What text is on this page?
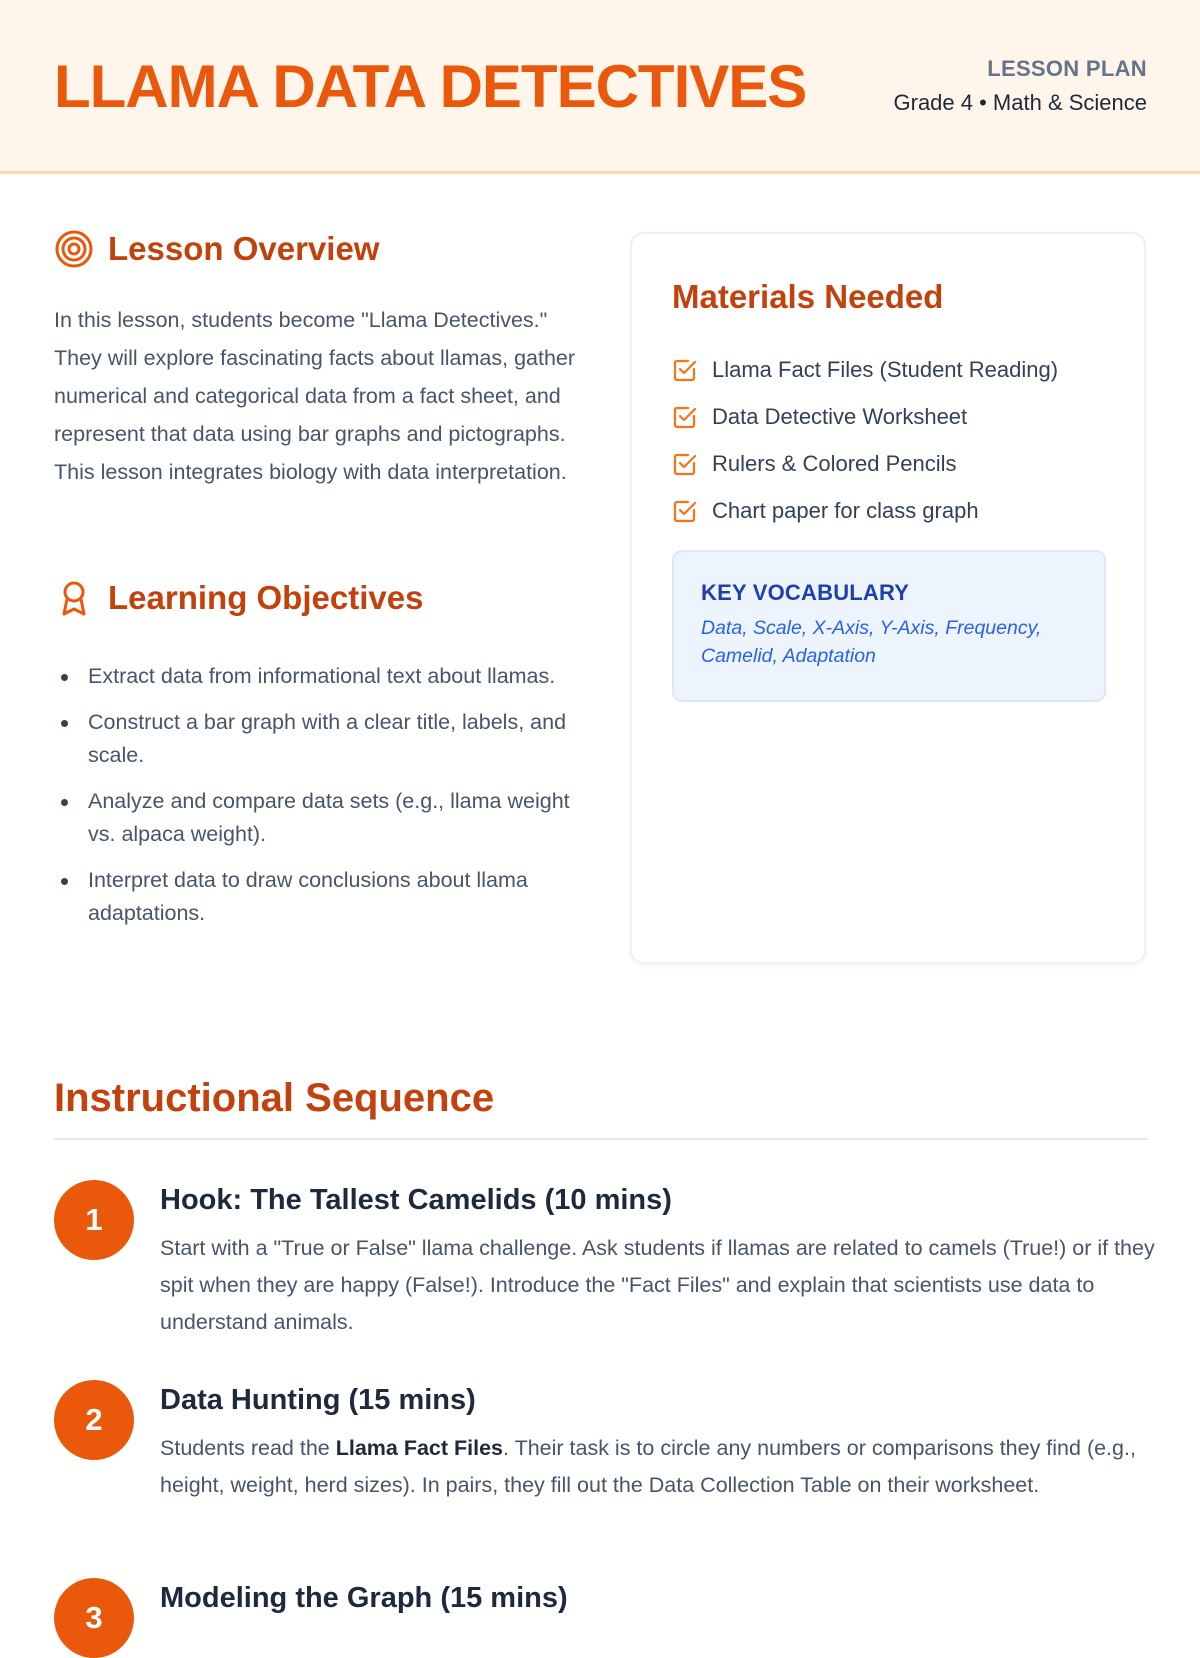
LLAMA DATA DETECTIVES	LESSON PLAN
Grade 4 • Math & Science
Lesson Overview

In this lesson, students become "Llama Detectives." They will explore fascinating facts about llamas, gather numerical and categorical data from a fact sheet, and represent that data using bar graphs and pictographs. This lesson integrates biology with data interpretation.

Learning Objectives
Extract data from informational text about llamas.
Construct a bar graph with a clear title, labels, and scale.
Analyze and compare data sets (e.g., llama weight vs. alpaca weight).
Interpret data to draw conclusions about llama adaptations.
Materials Needed
Llama Fact Files (Student Reading)
Data Detective Worksheet
Rulers & Colored Pencils
Chart paper for class graph
KEY VOCABULARY
Data, Scale, X-Axis, Y-Axis, Frequency, Camelid, Adaptation
Instructional Sequence
1
Hook: The Tallest Camelids (10 mins)

Start with a "True or False" llama challenge. Ask students if llamas are related to camels (True!) or if they spit when they are happy (False!). Introduce the "Fact Files" and explain that scientists use data to understand animals.

2
Data Hunting (15 mins)

Students read the Llama Fact Files. Their task is to circle any numbers or comparisons they find (e.g., height, weight, herd sizes). In pairs, they fill out the Data Collection Table on their worksheet.

3
Modeling the Graph (15 mins)
